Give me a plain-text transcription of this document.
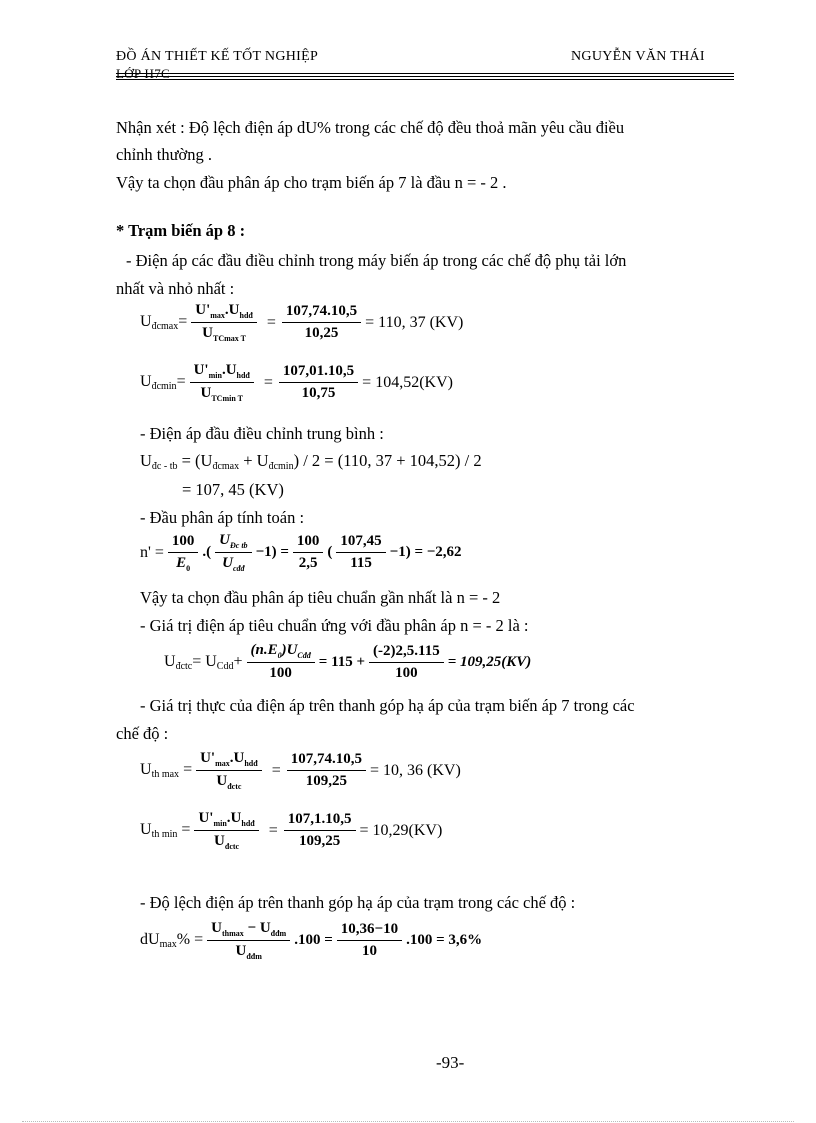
ĐỒ ÁN THIẾT KẾ TỐT NGHIỆP	NGUYỄN VĂN THÁI
LỚP H7C
Nhận xét : Độ lệch điện áp dU% trong các chế độ đều thoả mãn yêu cầu điều
chỉnh thường .
Vậy ta chọn đầu phân áp cho trạm biến áp 7 là đầu n = - 2 .
* Trạm biến áp 8 :
- Điện áp các đầu điều chỉnh trong máy biến áp trong các chế độ phụ tải lớn
nhất và nhỏ nhất :
$U_{đcmax}= \frac{U'_{max}.U_{hdđ}}{U_{TCmax T}} = \frac{107,74.10,5}{10,25} = 110$, 37 (KV)
$U_{đcmin}= \frac{U'_{min}.U_{hdđ}}{U_{TCmin T}} = \frac{107,01.10,5}{10,75} = 104,52(KV)$
- Điện áp đầu điều chỉnh trung bình :
$U_{đc - tb} = (U_{đcmax} + U_{đcmin}) / 2 = (110$, 37 + 104,52) / 2
= 107, 45 (KV)
- Đầu phân áp tính toán :
$n' = \frac{100}{E_0}$ .( $\frac{U_{Đc tb}}{U_{cđđ}} -1) = \frac{100}{2,5}$ ( $\frac{107,45}{115} -1) = -2,62$
Vậy ta chọn đầu phân áp tiêu chuẩn gần nhất là n = - 2
- Giá trị điện áp tiêu chuẩn ứng với đầu phân áp n = - 2 là :
$U_{đctc}= U_{Cdd}+ \frac{(n.E_0)U_{Cđđ}}{100} = 115 + \frac{(-2)2,5.115}{100} = 109,25(KV)$
- Giá trị thực của điện áp trên thanh góp hạ áp của trạm biến áp 7 trong các
chế độ :
$U_{th max} = \frac{U'_{max}.U_{hdđ}}{U_{đctc}} = \frac{107,74.10,5}{109,25} = 10$, 36 (KV)
$U_{th min} = \frac{U'_{min}.U_{hdđ}}{U_{đctc}} = \frac{107,1.10,5}{109,25} = 10,29(KV)$
- Độ lệch điện áp trên thanh góp hạ áp của trạm trong các chế độ :
$dU_{max}\% = \frac{U_{thmax} - U_{đđm}}{U_{đđm}} .100 = \frac{10,36-10}{10} .100 = 3,6\%$
-93-
